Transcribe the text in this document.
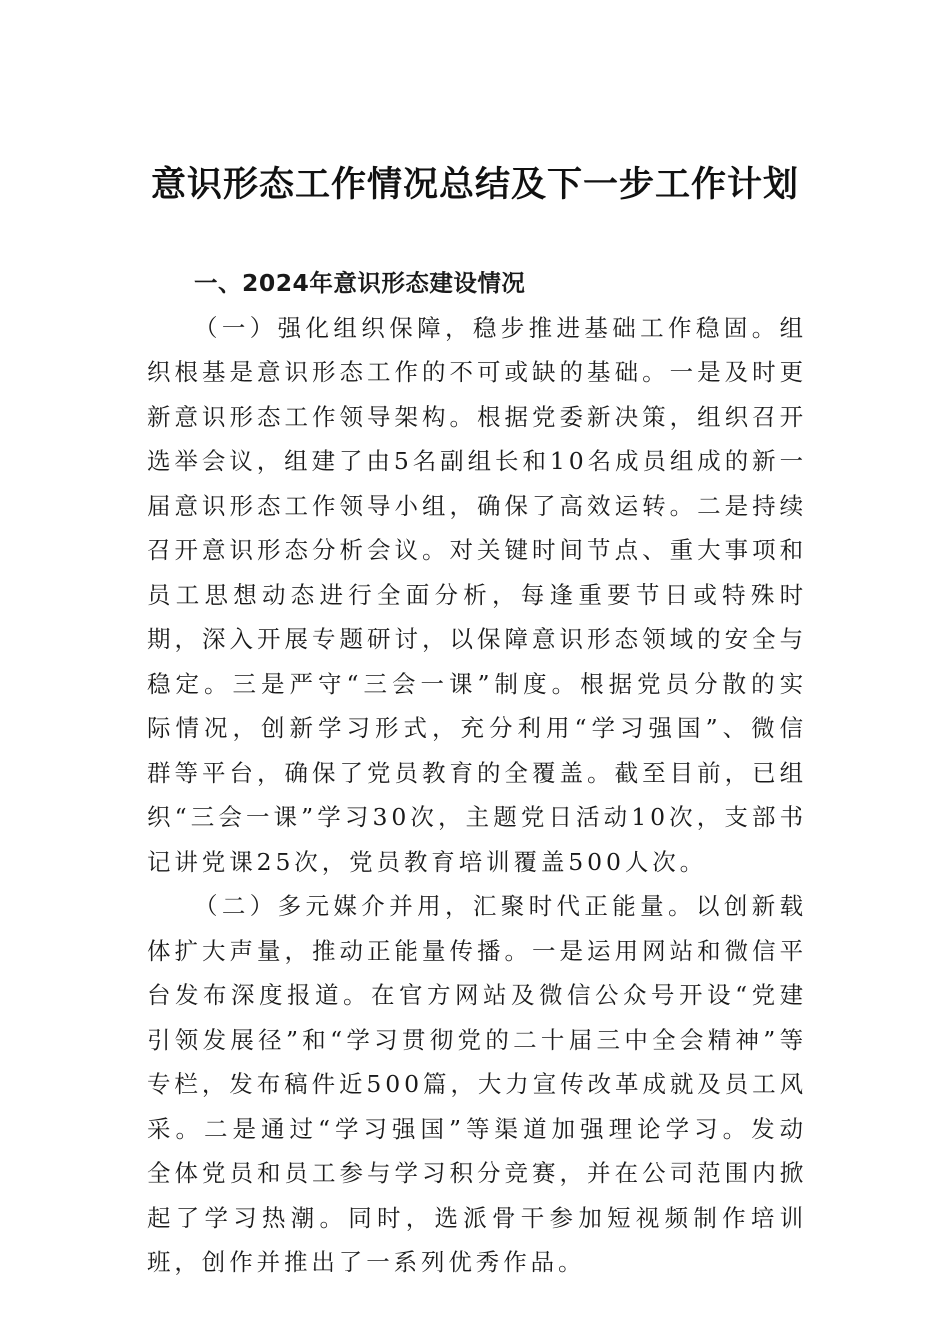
意识形态工作情况总结及下一步工作计划

一、2024年意识形态建设情况

（一）强化组织保障，稳步推进基础工作稳固。组织根基是意识形态工作的不可或缺的基础。一是及时更新意识形态工作领导架构。根据党委新决策，组织召开选举会议，组建了由5名副组长和10名成员组成的新一届意识形态工作领导小组，确保了高效运转。二是持续召开意识形态分析会议。对关键时间节点、重大事项和员工思想动态进行全面分析，每逢重要节日或特殊时期，深入开展专题研讨，以保障意识形态领域的安全与稳定。三是严守“三会一课”制度。根据党员分散的实际情况，创新学习形式，充分利用“学习强国”、微信群等平台，确保了党员教育的全覆盖。截至目前，已组织“三会一课”学习30次，主题党日活动10次，支部书记讲党课25次，党员教育培训覆盖500人次。

（二）多元媒介并用，汇聚时代正能量。以创新载体扩大声量，推动正能量传播。一是运用网站和微信平台发布深度报道。在官方网站及微信公众号开设“党建引领发展径”和“学习贯彻党的二十届三中全会精神”等专栏，发布稿件近500篇，大力宣传改革成就及员工风采。二是通过“学习强国”等渠道加强理论学习。发动全体党员和员工参与学习积分竞赛，并在公司范围内掀起了学习热潮。同时，选派骨干参加短视频制作培训班，创作并推出了一系列优秀作品。
